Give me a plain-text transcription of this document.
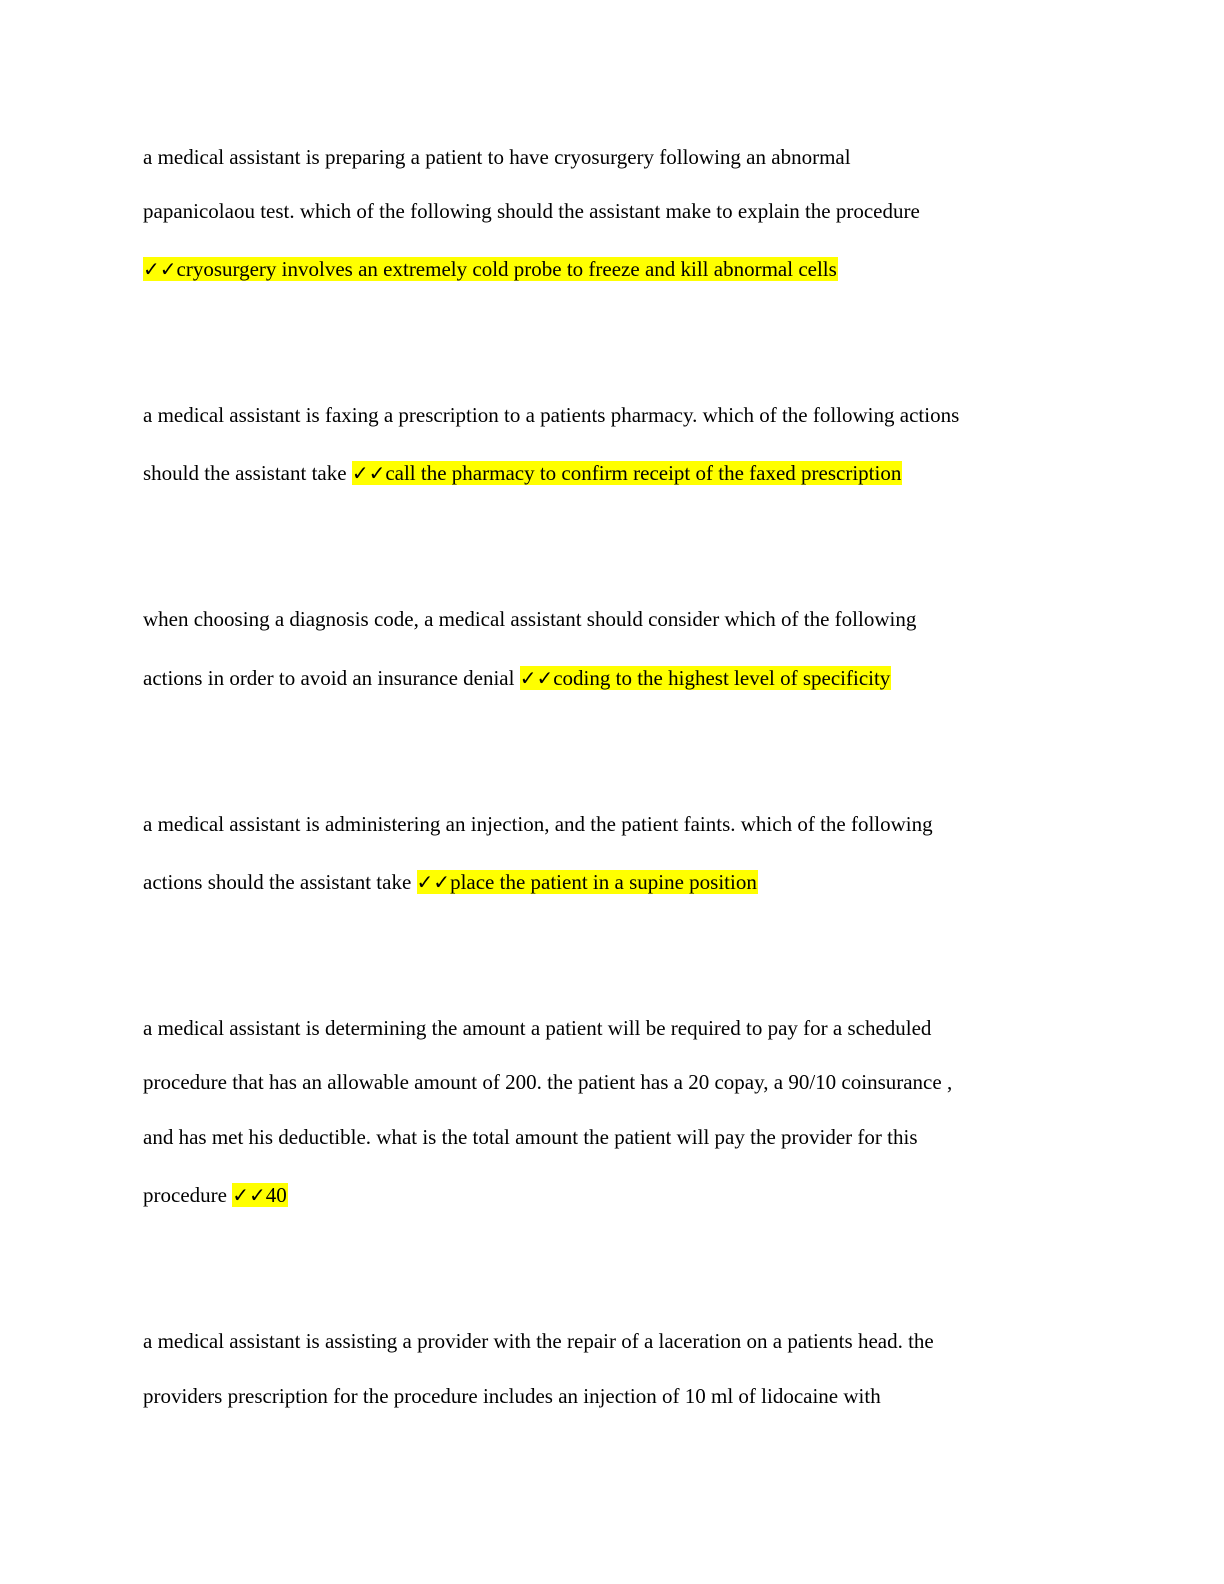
a medical assistant is preparing a patient to have cryosurgery following an abnormal
papanicolaou test. which of the following should the assistant make to explain the procedure
✓✓cryosurgery involves an extremely cold probe to freeze and kill abnormal cells
a medical assistant is faxing a prescription to a patients pharmacy. which of the following actions
should the assistant take ✓✓call the pharmacy to confirm receipt of the faxed prescription
when choosing a diagnosis code, a medical assistant should consider which of the following
actions in order to avoid an insurance denial ✓✓coding to the highest level of specificity
a medical assistant is administering an injection, and the patient faints. which of the following
actions should the assistant take ✓✓place the patient in a supine position
a medical assistant is determining the amount a patient will be required to pay for a scheduled
procedure that has an allowable amount of 200. the patient has a 20 copay, a 90/10 coinsurance ,
and has met his deductible. what is the total amount the patient will pay the provider for this
procedure ✓✓40
a medical assistant is assisting a provider with the repair of a laceration on a patients head. the
providers prescription for the procedure includes an injection of 10 ml of lidocaine with
